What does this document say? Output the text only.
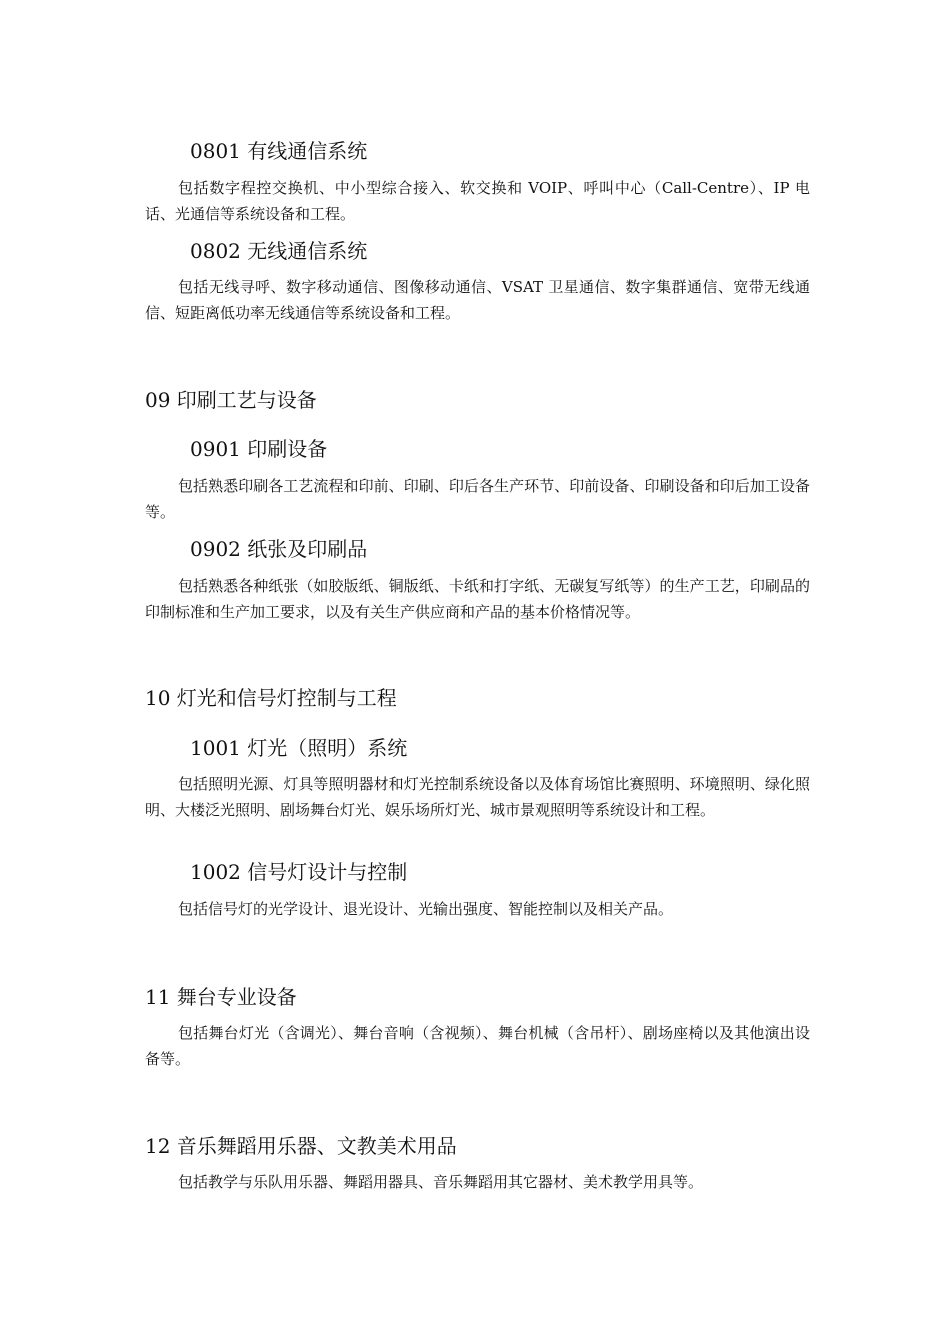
0801 有线通信系统

包括数字程控交换机、中小型综合接入、软交换和 VOIP、呼叫中心（Call-Centre）、IP 电话、光通信等系统设备和工程。

0802 无线通信系统

包括无线寻呼、数字移动通信、图像移动通信、VSAT 卫星通信、数字集群通信、宽带无线通信、短距离低功率无线通信等系统设备和工程。

09 印刷工艺与设备
0901 印刷设备

包括熟悉印刷各工艺流程和印前、印刷、印后各生产环节、印前设备、印刷设备和印后加工设备等。

0902 纸张及印刷品

包括熟悉各种纸张（如胶版纸、铜版纸、卡纸和打字纸、无碳复写纸等）的生产工艺，印刷品的印制标准和生产加工要求，以及有关生产供应商和产品的基本价格情况等。

10 灯光和信号灯控制与工程
1001 灯光（照明）系统

包括照明光源、灯具等照明器材和灯光控制系统设备以及体育场馆比赛照明、环境照明、绿化照明、大楼泛光照明、剧场舞台灯光、娱乐场所灯光、城市景观照明等系统设计和工程。

1002 信号灯设计与控制

包括信号灯的光学设计、退光设计、光输出强度、智能控制以及相关产品。

11 舞台专业设备

包括舞台灯光（含调光）、舞台音响（含视频）、舞台机械（含吊杆）、剧场座椅以及其他演出设备等。

12 音乐舞蹈用乐器、文教美术用品

包括教学与乐队用乐器、舞蹈用器具、音乐舞蹈用其它器材、美术教学用具等。
